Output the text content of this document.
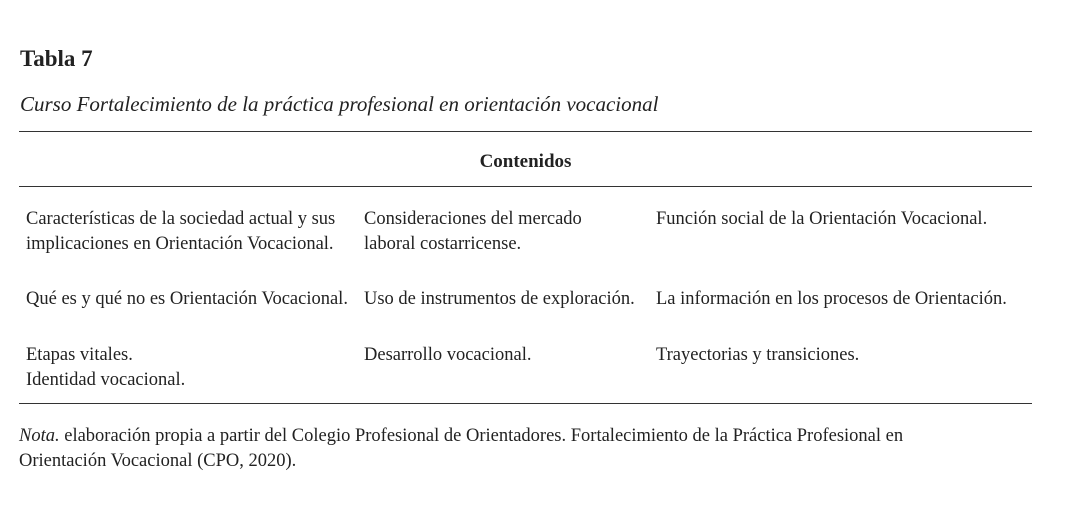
Tabla 7
Curso Fortalecimiento de la práctica profesional en orientación vocacional
Contenidos
Características de la sociedad actual y sus
implicaciones en Orientación Vocacional.
Consideraciones del mercado
laboral costarricense.
Función social de la Orientación Vocacional.
Qué es y qué no es Orientación Vocacional. Uso de instrumentos de exploración. La información en los procesos de Orientación.
Etapas vitales.
Identidad vocacional.
Desarrollo vocacional.	Trayectorias y transiciones.
Nota. elaboración propia a partir del Colegio Profesional de Orientadores. Fortalecimiento de la Práctica Profesional en
Orientación Vocacional (CPO, 2020).
